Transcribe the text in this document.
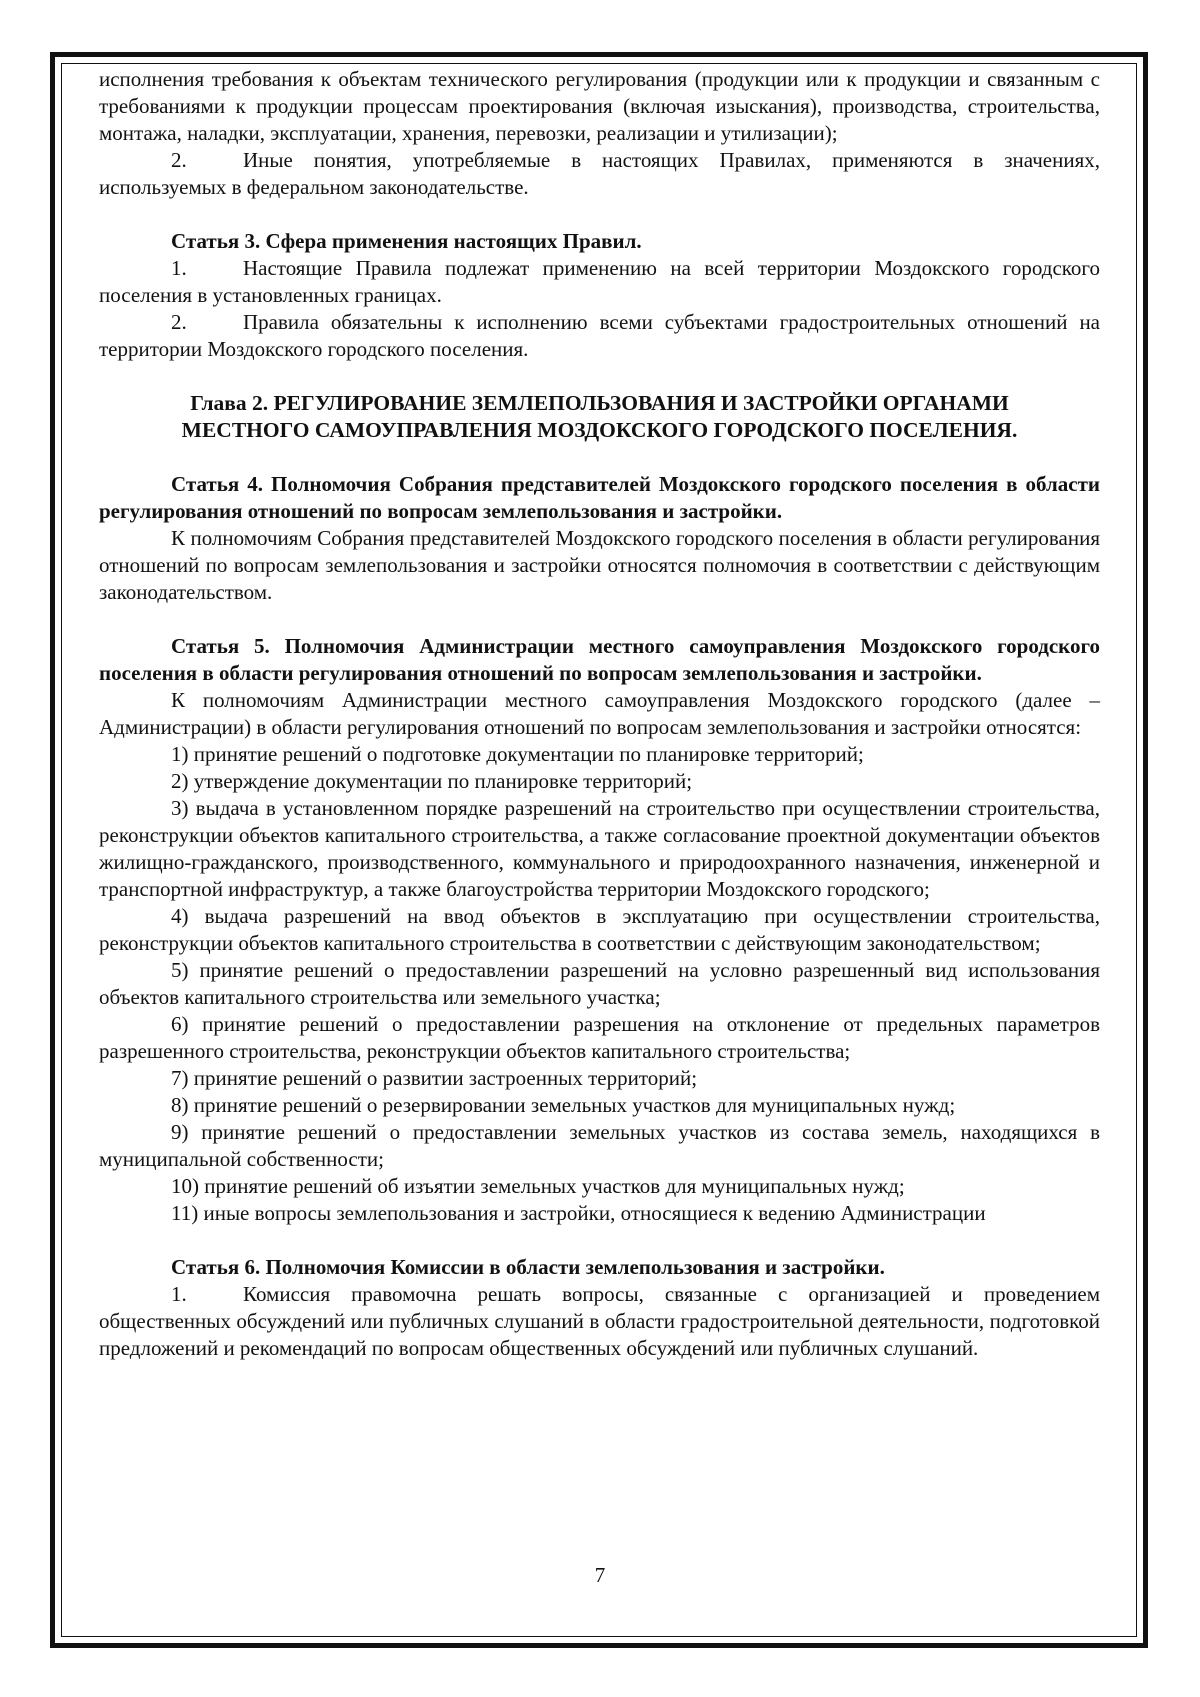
исполнения требования к объектам технического регулирования (продукции или к продукции и связанным с требованиями к продукции процессам проектирования (включая изыскания), производства, строительства, монтажа, наладки, эксплуатации, хранения, перевозки, реализации и утилизации);

2.	Иные понятия, употребляемые в настоящих Правилах, применяются в значениях, используемых в федеральном законодательстве.

Статья 3. Сфера применения настоящих Правил.

1.	Настоящие Правила подлежат применению на всей территории Моздокского городского поселения в установленных границах.

2.	Правила обязательны к исполнению всеми субъектами градостроительных отношений на территории Моздокского городского поселения.

Глава 2. РЕГУЛИРОВАНИЕ ЗЕМЛЕПОЛЬЗОВАНИЯ И ЗАСТРОЙКИ ОРГАНАМИ

МЕСТНОГО САМОУПРАВЛЕНИЯ МОЗДОКСКОГО ГОРОДСКОГО ПОСЕЛЕНИЯ.

Статья 4. Полномочия Собрания представителей Моздокского городского поселения в области регулирования отношений по вопросам землепользования и застройки.

К полномочиям Собрания представителей Моздокского городского поселения в области регулирования отношений по вопросам землепользования и застройки относятся полномочия в соответствии с действующим законодательством.

Статья 5. Полномочия Администрации местного самоуправления Моздокского городского поселения в области регулирования отношений по вопросам землепользования и застройки.

К полномочиям Администрации местного самоуправления Моздокского городского (далее – Администрации) в области регулирования отношений по вопросам землепользования и застройки относятся:

1) принятие решений о подготовке документации по планировке территорий;

2) утверждение документации по планировке территорий;

3) выдача в установленном порядке разрешений на строительство при осуществлении строительства, реконструкции объектов капитального строительства, а также согласование проектной документации объектов жилищно-гражданского, производственного, коммунального и природоохранного назначения, инженерной и транспортной инфраструктур, а также благоустройства территории Моздокского городского;

4) выдача разрешений на ввод объектов в эксплуатацию при осуществлении строительства, реконструкции объектов капитального строительства в соответствии с действующим законодательством;

5) принятие решений о предоставлении разрешений на условно разрешенный вид использования объектов капитального строительства или земельного участка;

6) принятие решений о предоставлении разрешения на отклонение от предельных параметров разрешенного строительства, реконструкции объектов капитального строительства;

7) принятие решений о развитии застроенных территорий;

8) принятие решений о резервировании земельных участков для муниципальных нужд;

9) принятие решений о предоставлении земельных участков из состава земель, находящихся в муниципальной собственности;

10) принятие решений об изъятии земельных участков для муниципальных нужд;

11) иные вопросы землепользования и застройки, относящиеся к ведению Администрации

Статья 6. Полномочия Комиссии в области землепользования и застройки.

1.	Комиссия правомочна решать вопросы, связанные с организацией и проведением общественных обсуждений или публичных слушаний в области градостроительной деятельности, подготовкой предложений и рекомендаций по вопросам общественных обсуждений или публичных слушаний.

7
